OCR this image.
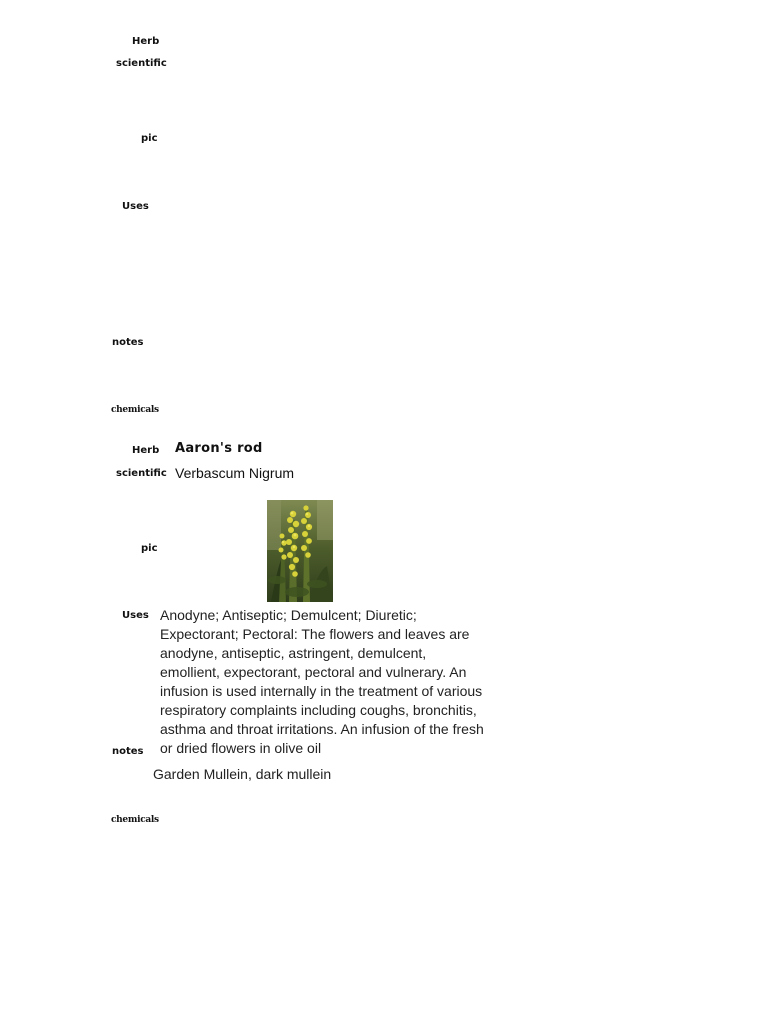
Herb
scientific
pic
Uses
notes
chemicals
Herb Aaron's rod
scientific Verbascum Nigrum
pic
Uses Anodyne; Antiseptic; Demulcent; Diuretic; Expectorant; Pectoral: The flowers and leaves are anodyne, antiseptic, astringent, demulcent, emollient, expectorant, pectoral and vulnerary. An infusion is used internally in the treatment of various respiratory complaints including coughs, bronchitis, asthma and throat irritations. An infusion of the fresh or dried flowers in olive oil
notes
Garden Mullein, dark mullein
chemicals
